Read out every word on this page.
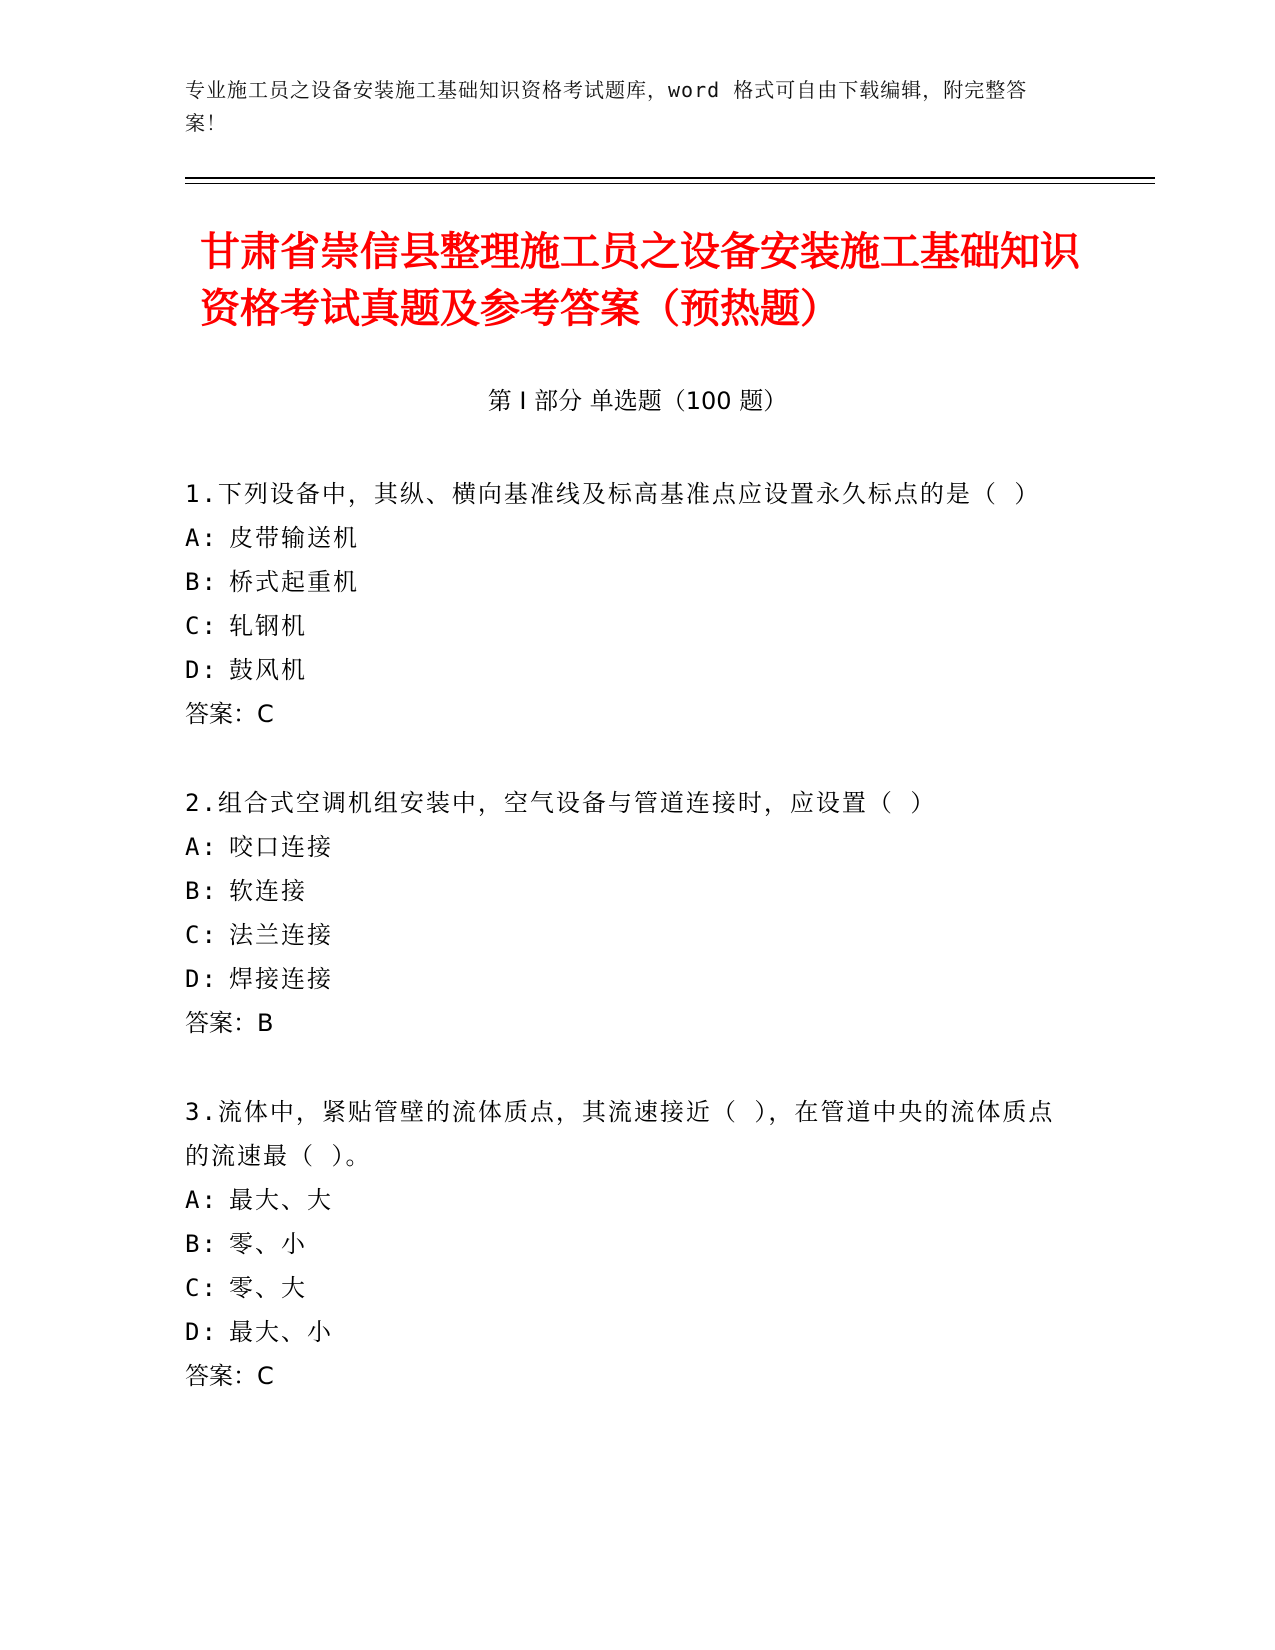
专业施工员之设备安装施工基础知识资格考试题库，word 格式可自由下载编辑，附完整答案！
甘肃省崇信县整理施工员之设备安装施工基础知识资格考试真题及参考答案（预热题）
第 I 部分 单选题（100 题）

1.下列设备中，其纵、横向基准线及标高基准点应设置永久标点的是（ ）

A: 皮带输送机
B: 桥式起重机
C: 轧钢机
D: 鼓风机

答案：C

2.组合式空调机组安装中，空气设备与管道连接时，应设置（ ）

A: 咬口连接
B: 软连接
C: 法兰连接
D: 焊接连接

答案：B

3.流体中，紧贴管壁的流体质点，其流速接近（ ），在管道中央的流体质点的流速最（ ）。

A: 最大、大
B: 零、小
C: 零、大
D: 最大、小

答案：C
